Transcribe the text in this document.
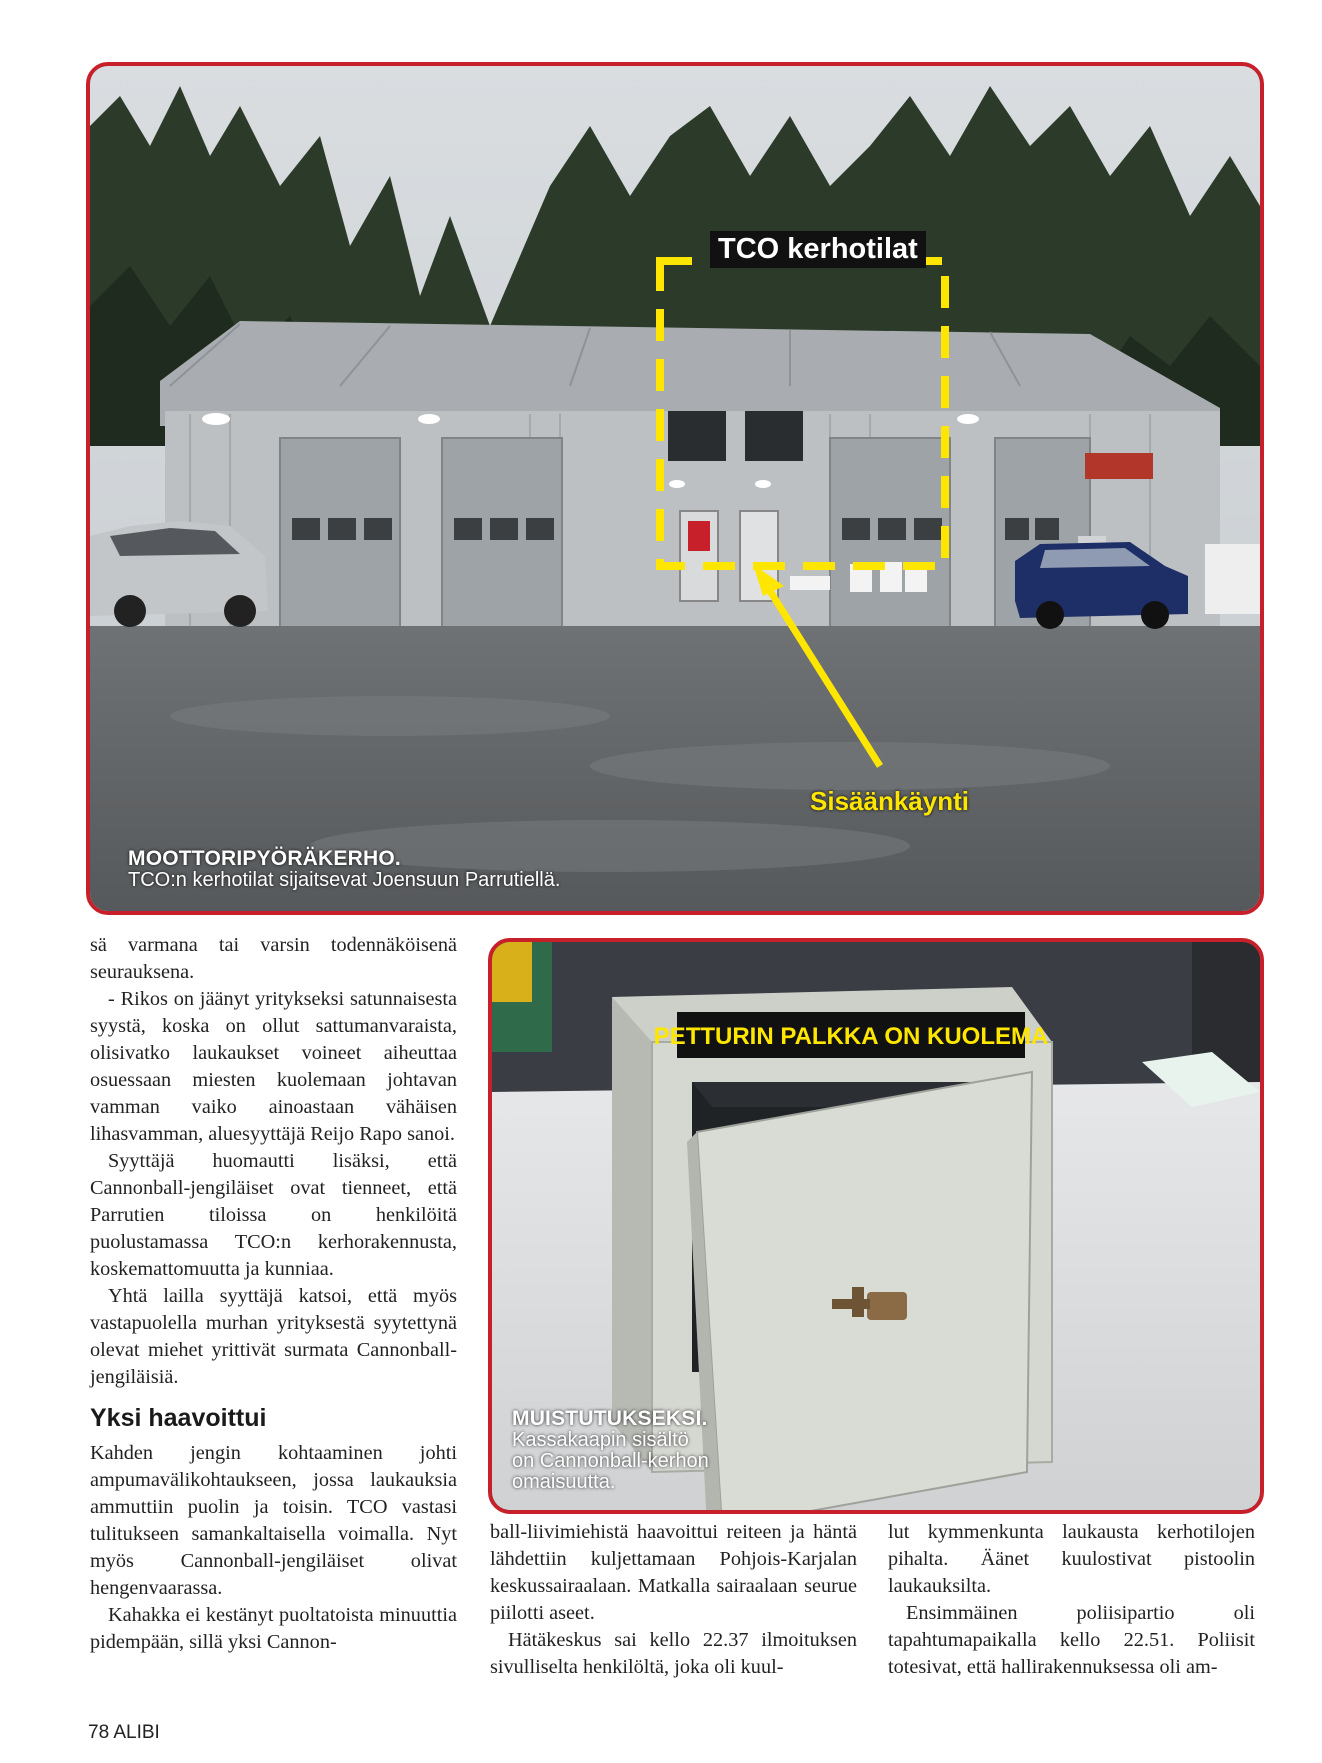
TCO kerhotilat
Sisäänkäynti
MOOTTORIPYÖRÄKERHO.
TCO:n kerhotilat sijaitsevat Joensuun Parrutiellä.
PETTURIN PALKKA ON KUOLEMA
MUISTUTUKSEKSI.
Kassakaapin sisältö
on Cannonball-kerhon
omaisuutta.

sä varmana tai varsin todennäköisenä seurauksena.

- Rikos on jäänyt yritykseksi satunnaisesta syystä, koska on ollut sattumanvaraista, olisivatko laukaukset voineet aiheuttaa osuessaan miesten kuolemaan johtavan vamman vaiko ainoastaan vähäisen lihasvamman, aluesyyttäjä Reijo Rapo sanoi.

Syyttäjä huomautti lisäksi, että Cannonball-jengiläiset ovat tienneet, että Parrutien tiloissa on henkilöitä puolustamassa TCO:n kerhorakennusta, koskemattomuutta ja kunniaa.

Yhtä lailla syyttäjä katsoi, että myös vastapuolella murhan yrityksestä syytettynä olevat miehet yrittivät surmata Cannonball-jengiläisiä.

Yksi haavoittui

Kahden jengin kohtaaminen johti ampumavälikohtaukseen, jossa laukauksia ammuttiin puolin ja toisin. TCO vastasi tulitukseen samankaltaisella voimalla. Nyt myös Cannonball-jengiläiset olivat hengenvaarassa.

Kahakka ei kestänyt puoltatoista minuuttia pidempään, sillä yksi Cannon-

ball-liivimiehistä haavoittui reiteen ja häntä lähdettiin kuljettamaan Pohjois-Karjalan keskussairaalaan. Matkalla sairaalaan seurue piilotti aseet.

Hätäkeskus sai kello 22.37 ilmoituksen sivulliselta henkilöltä, joka oli kuul-

lut kymmenkunta laukausta kerhotilojen pihalta. Äänet kuulostivat pistoolin laukauksilta.

Ensimmäinen poliisipartio oli tapahtumapaikalla kello 22.51. Poliisit totesivat, että hallirakennuksessa oli am-

78 ALIBI
